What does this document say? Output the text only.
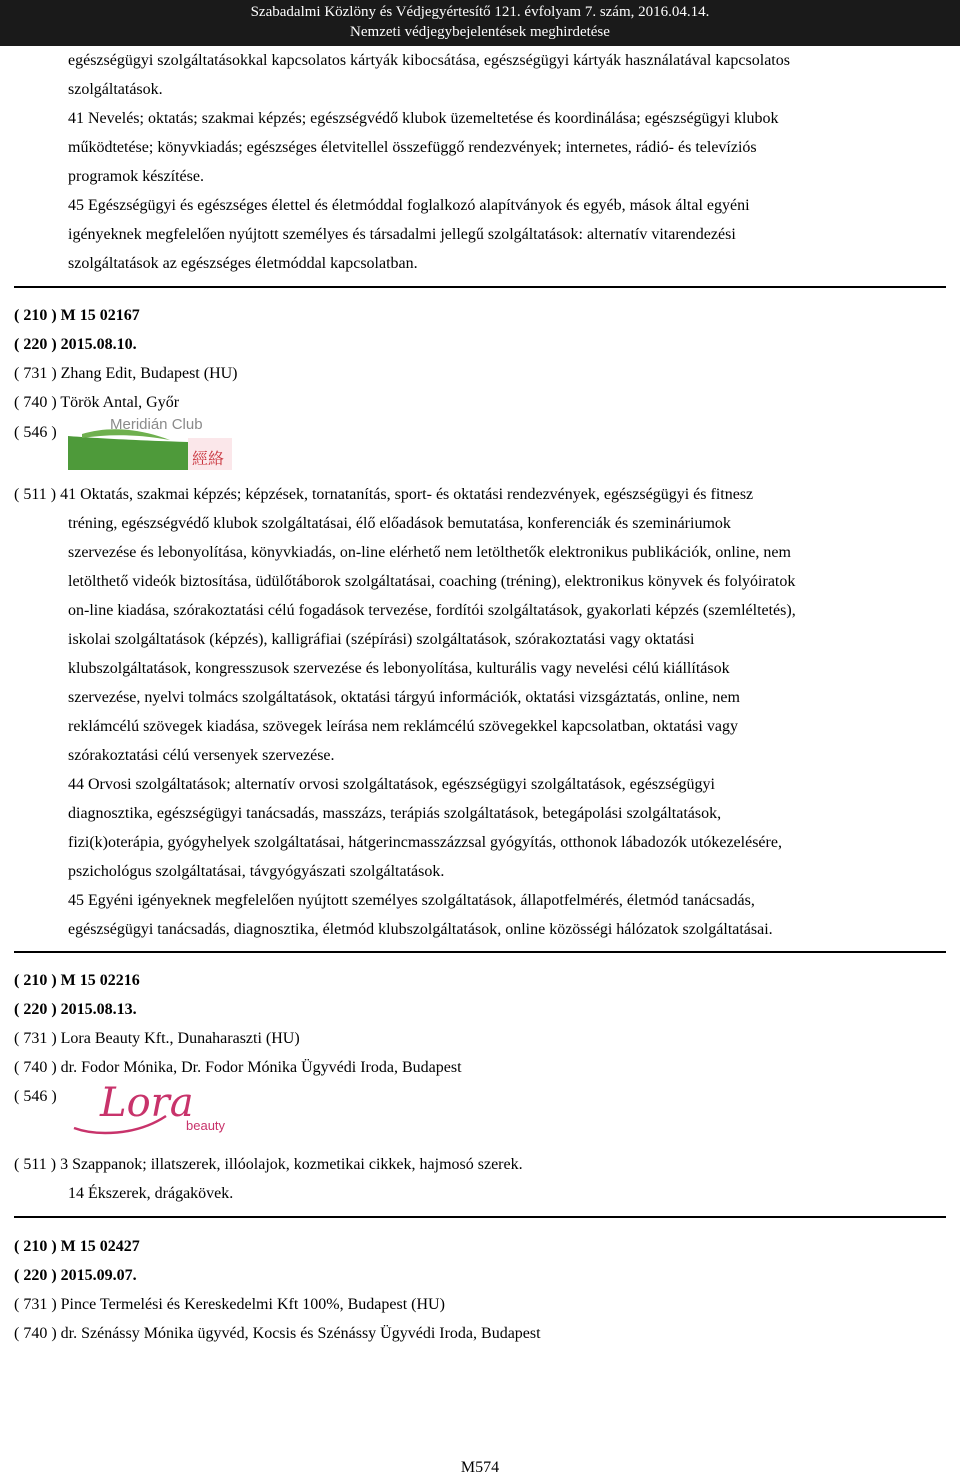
Szabadalmi Közlöny és Védjegyértesítő 121. évfolyam 7. szám, 2016.04.14.
Nemzeti védjegybejelentések meghirdetése
egészségügyi szolgáltatásokkal kapcsolatos kártyák kibocsátása, egészségügyi kártyák használatával kapcsolatos
szolgáltatások.
41 Nevelés; oktatás; szakmai képzés; egészségvédő klubok üzemeltetése és koordinálása; egészségügyi klubok
működtetése; könyvkiadás; egészséges életvitellel összefüggő rendezvények; internetes, rádió- és televíziós
programok készítése.
45 Egészségügyi és egészséges élettel és életmóddal foglalkozó alapítványok és egyéb, mások által egyéni
igényeknek megfelelően nyújtott személyes és társadalmi jellegű szolgáltatások: alternatív vitarendezési
szolgáltatások az egészséges életmóddal kapcsolatban.
( 210 ) M 15 02167
( 220 ) 2015.08.10.
( 731 ) Zhang Edit, Budapest (HU)
( 740 ) Török Antal, Győr
( 546 )	Meridián Club
經絡
( 511 ) 41 Oktatás, szakmai képzés; képzések, tornatanítás, sport- és oktatási rendezvények, egészségügyi és fitnesz
tréning, egészségvédő klubok szolgáltatásai, élő előadások bemutatása, konferenciák és szemináriumok
szervezése és lebonyolítása, könyvkiadás, on-line elérhető nem letölthetők elektronikus publikációk, online, nem
letölthető videók biztosítása, üdülőtáborok szolgáltatásai, coaching (tréning), elektronikus könyvek és folyóiratok
on-line kiadása, szórakoztatási célú fogadások tervezése, fordítói szolgáltatások, gyakorlati képzés (szemléltetés),
iskolai szolgáltatások (képzés), kalligráfiai (szépírási) szolgáltatások, szórakoztatási vagy oktatási
klubszolgáltatások, kongresszusok szervezése és lebonyolítása, kulturális vagy nevelési célú kiállítások
szervezése, nyelvi tolmács szolgáltatások, oktatási tárgyú információk, oktatási vizsgáztatás, online, nem
reklámcélú szövegek kiadása, szövegek leírása nem reklámcélú szövegekkel kapcsolatban, oktatási vagy
szórakoztatási célú versenyek szervezése.
44 Orvosi szolgáltatások; alternatív orvosi szolgáltatások, egészségügyi szolgáltatások, egészségügyi
diagnosztika, egészségügyi tanácsadás, masszázs, terápiás szolgáltatások, betegápolási szolgáltatások,
fizi(k)oterápia, gyógyhelyek szolgáltatásai, hátgerincmasszázzsal gyógyítás, otthonok lábadozók utókezelésére,
pszichológus szolgáltatásai, távgyógyászati szolgáltatások.
45 Egyéni igényeknek megfelelően nyújtott személyes szolgáltatások, állapotfelmérés, életmód tanácsadás,
egészségügyi tanácsadás, diagnosztika, életmód klubszolgáltatások, online közösségi hálózatok szolgáltatásai.
( 210 ) M 15 02216
( 220 ) 2015.08.13.
( 731 ) Lora Beauty Kft., Dunaharaszti (HU)
( 740 ) dr. Fodor Mónika, Dr. Fodor Mónika Ügyvédi Iroda, Budapest
( 546 ) Lora
beauty
( 511 ) 3 Szappanok; illatszerek, illóolajok, kozmetikai cikkek, hajmosó szerek.
14 Ékszerek, drágakövek.
( 210 ) M 15 02427
( 220 ) 2015.09.07.
( 731 ) Pince Termelési és Kereskedelmi Kft 100%, Budapest (HU)
( 740 ) dr. Szénássy Mónika ügyvéd, Kocsis és Szénássy Ügyvédi Iroda, Budapest
M574
